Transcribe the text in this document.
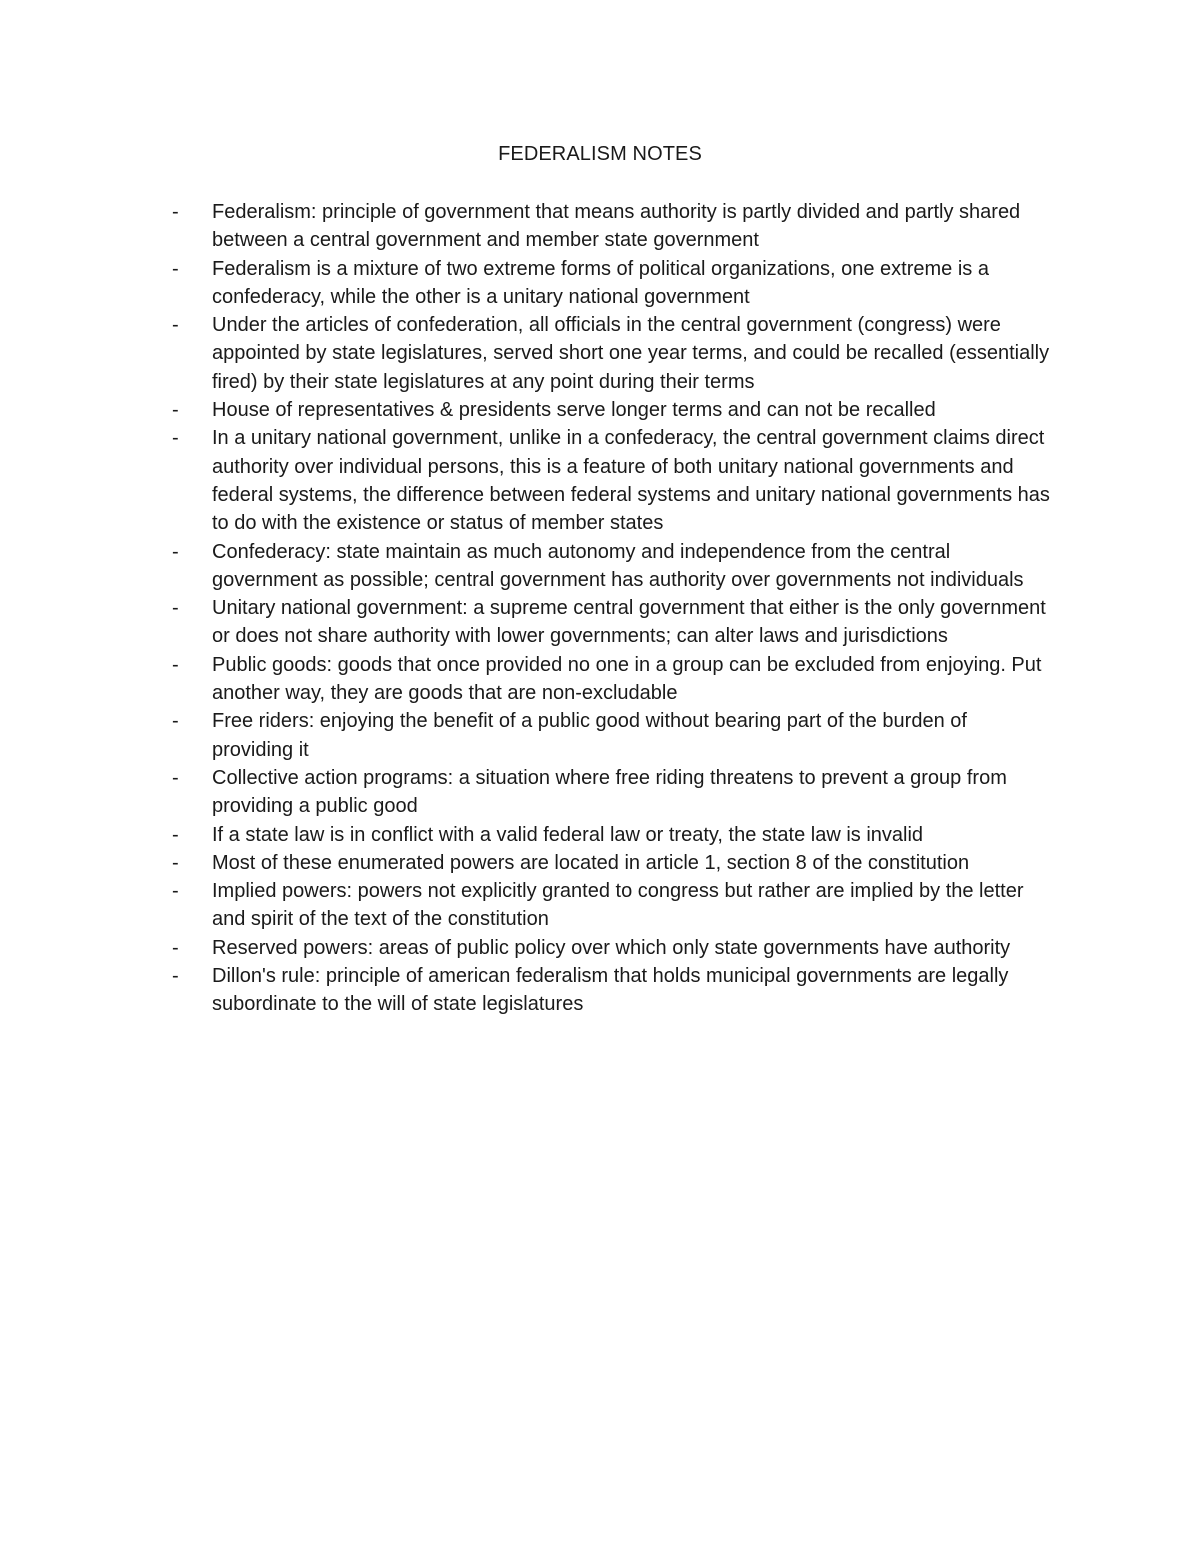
FEDERALISM NOTES
-	Federalism: principle of government that means authority is partly divided and partly shared between a central government and member state government
-	Federalism is a mixture of two extreme forms of political organizations, one extreme is a confederacy, while the other is a unitary national government
-	Under the articles of confederation, all officials in the central government (congress) were appointed by state legislatures, served short one year terms, and could be recalled (essentially fired) by their state legislatures at any point during their terms
-	House of representatives & presidents serve longer terms and can not be recalled
-	In a unitary national government, unlike in a confederacy, the central government claims direct authority over individual persons, this is a feature of both unitary national governments and federal systems, the difference between federal systems and unitary national governments has to do with the existence or status of member states
-	Confederacy: state maintain as much autonomy and independence from the central government as possible; central government has authority over governments not individuals
-	Unitary national government: a supreme central government that either is the only government or does not share authority with lower governments; can alter laws and jurisdictions
-	Public goods: goods that once provided no one in a group can be excluded from enjoying. Put another way, they are goods that are non-excludable
-	Free riders: enjoying the benefit of a public good without bearing part of the burden of providing it
-	Collective action programs: a situation where free riding threatens to prevent a group from providing a public good
-	If a state law is in conflict with a valid federal law or treaty, the state law is invalid
-	Most of these enumerated powers are located in article 1, section 8 of the constitution
-	Implied powers: powers not explicitly granted to congress but rather are implied by the letter and spirit of the text of the constitution
-	Reserved powers: areas of public policy over which only state governments have authority
-	Dillon's rule: principle of american federalism that holds municipal governments are legally subordinate to the will of state legislatures
